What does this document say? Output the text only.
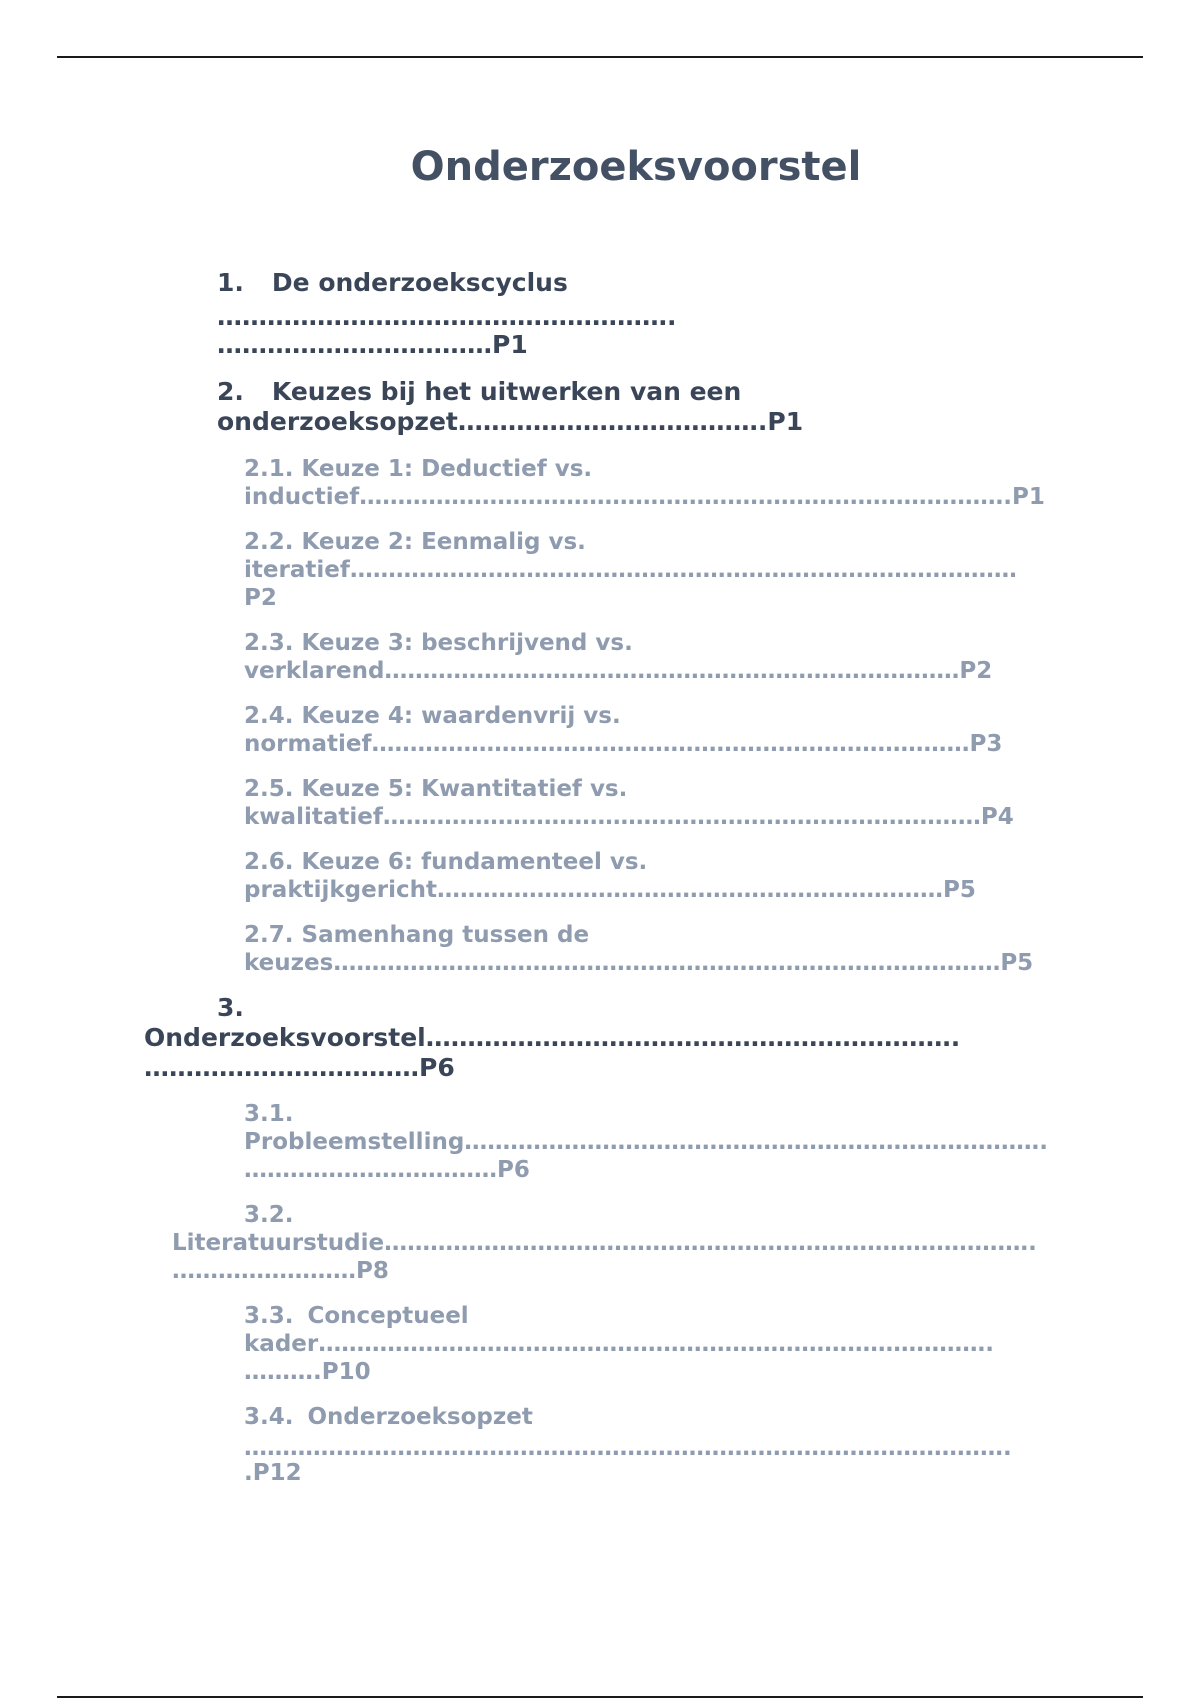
Onderzoeksvoorstel
1. De onderzoekscyclus
……………………………………………….
……………………………P1
2. Keuzes bij het uitwerken van een
onderzoeksopzet……………………………….P1
2.1. Keuze 1: Deductief vs.
inductief………………………………………………………………………….P1
2.2. Keuze 2: Eenmalig vs.
iteratief……………………………………………………………………………
P2
2.3. Keuze 3: beschrijvend vs.
verklarend…………………………………………………………………P2
2.4. Keuze 4: waardenvrij vs.
normatief……………………………………………………………………P3
2.5. Keuze 5: Kwantitatief vs.
kwalitatief……………………………………………………………………P4
2.6. Keuze 6: fundamenteel vs.
praktijkgericht…………………………………………………………P5
2.7. Samenhang tussen de
keuzes……………………………………………………………………………P5
3.
Onderzoeksvoorstel……………………………………………………….
……………………………P6
3.1.
Probleemstelling………………………………………………………………….
……………………………P6
3.2.
Literatuurstudie………………………………………………………………………….
……………………P8
3.3. Conceptueel
kader…………………………………………………………………………….
……….P10
3.4. Onderzoeksopzet
……………………………………………………………………………………….
.P12
